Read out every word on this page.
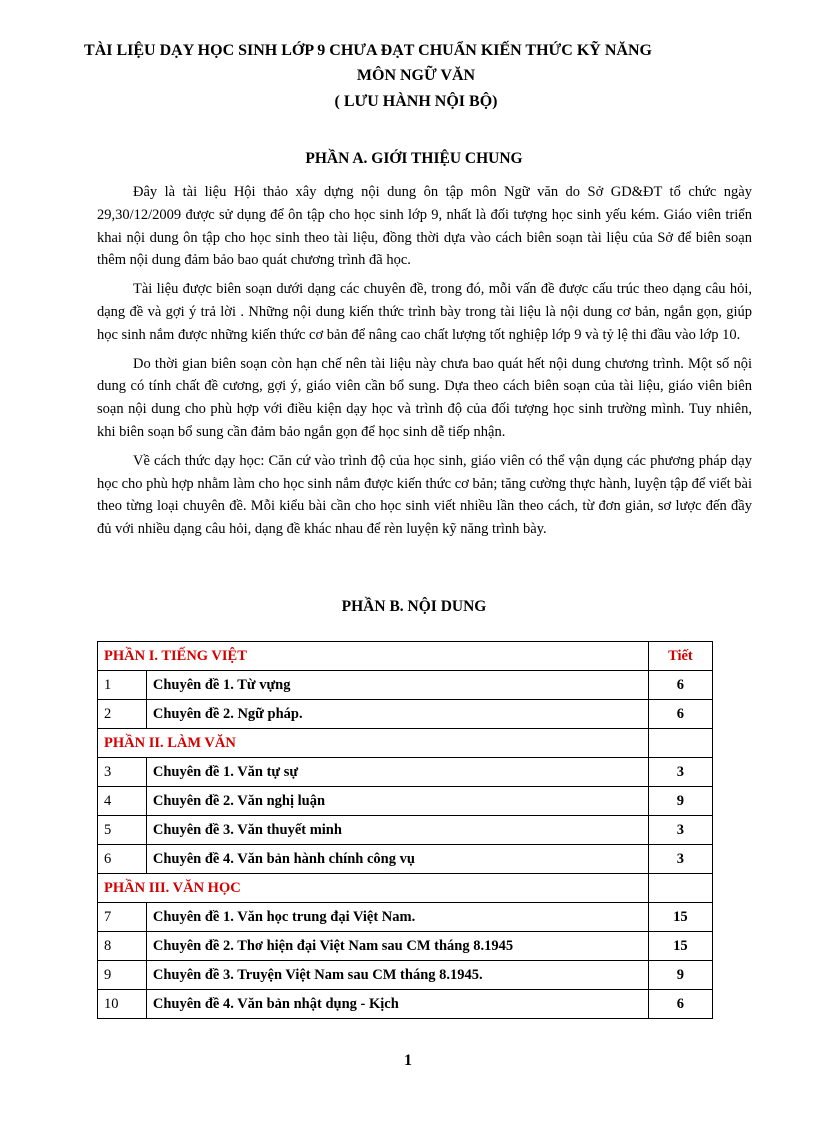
TÀI LIỆU DẠY HỌC SINH LỚP 9 CHƯA ĐẠT CHUẨN KIẾN THỨC KỸ NĂNG
MÔN NGỮ VĂN
( LƯU HÀNH NỘI BỘ)
PHẦN A. GIỚI THIỆU CHUNG

Đây là tài liệu Hội thảo xây dựng nội dung ôn tập môn Ngữ văn do Sở GD&ĐT tổ chức ngày 29,30/12/2009 được sử dụng để ôn tập cho học sinh lớp 9, nhất là đối tượng học sinh yếu kém. Giáo viên triển khai nội dung ôn tập cho học sinh theo tài liệu, đồng thời dựa vào cách biên soạn tài liệu của Sở để biên soạn thêm nội dung đảm bảo bao quát chương trình đã học.

Tài liệu được biên soạn dưới dạng các chuyên đề, trong đó, mỗi vấn đề được cấu trúc theo dạng câu hỏi, dạng đề và gợi ý trả lời . Những nội dung kiến thức trình bày trong tài liệu là nội dung cơ bản, ngắn gọn, giúp học sinh nắm được những kiến thức cơ bản để nâng cao chất lượng tốt nghiệp lớp 9 và tỷ lệ thi đầu vào lớp 10.

Do thời gian biên soạn còn hạn chế nên tài liệu này chưa bao quát hết nội dung chương trình. Một số nội dung có tính chất đề cương, gợi ý, giáo viên cần bổ sung. Dựa theo cách biên soạn của tài liệu, giáo viên biên soạn nội dung cho phù hợp với điều kiện dạy học và trình độ của đối tượng học sinh trường mình. Tuy nhiên, khi biên soạn bổ sung cần đảm bảo ngắn gọn để học sinh dễ tiếp nhận.

Về cách thức dạy học: Căn cứ vào trình độ của học sinh, giáo viên có thể vận dụng các phương pháp dạy học cho phù hợp nhằm làm cho học sinh nắm được kiến thức cơ bản; tăng cường thực hành, luyện tập để viết bài theo từng loại chuyên đề. Mỗi kiểu bài cần cho học sinh viết nhiều lần theo cách, từ đơn giản, sơ lược đến đầy đủ với nhiều dạng câu hỏi, dạng đề khác nhau để rèn luyện kỹ năng trình bày.

PHẦN B. NỘI DUNG
PHẦN I. TIẾNG VIỆT		Tiết
1	Chuyên đề 1. Từ vựng	6
2	Chuyên đề 2. Ngữ pháp.	6
PHẦN II. LÀM VĂN		
3	Chuyên đề 1. Văn tự sự	3
4	Chuyên đề 2. Văn nghị luận	9
5	Chuyên đề 3. Văn thuyết minh	3
6	Chuyên đề 4. Văn bản hành chính công vụ	3
PHẦN III. VĂN HỌC		
7	Chuyên đề 1. Văn học trung đại Việt Nam.	15
8	Chuyên đề 2. Thơ hiện đại Việt Nam sau CM tháng 8.1945	15
9	Chuyên đề 3. Truyện Việt Nam sau CM tháng 8.1945.	9
10	Chuyên đề 4. Văn bản nhật dụng - Kịch	6
1
